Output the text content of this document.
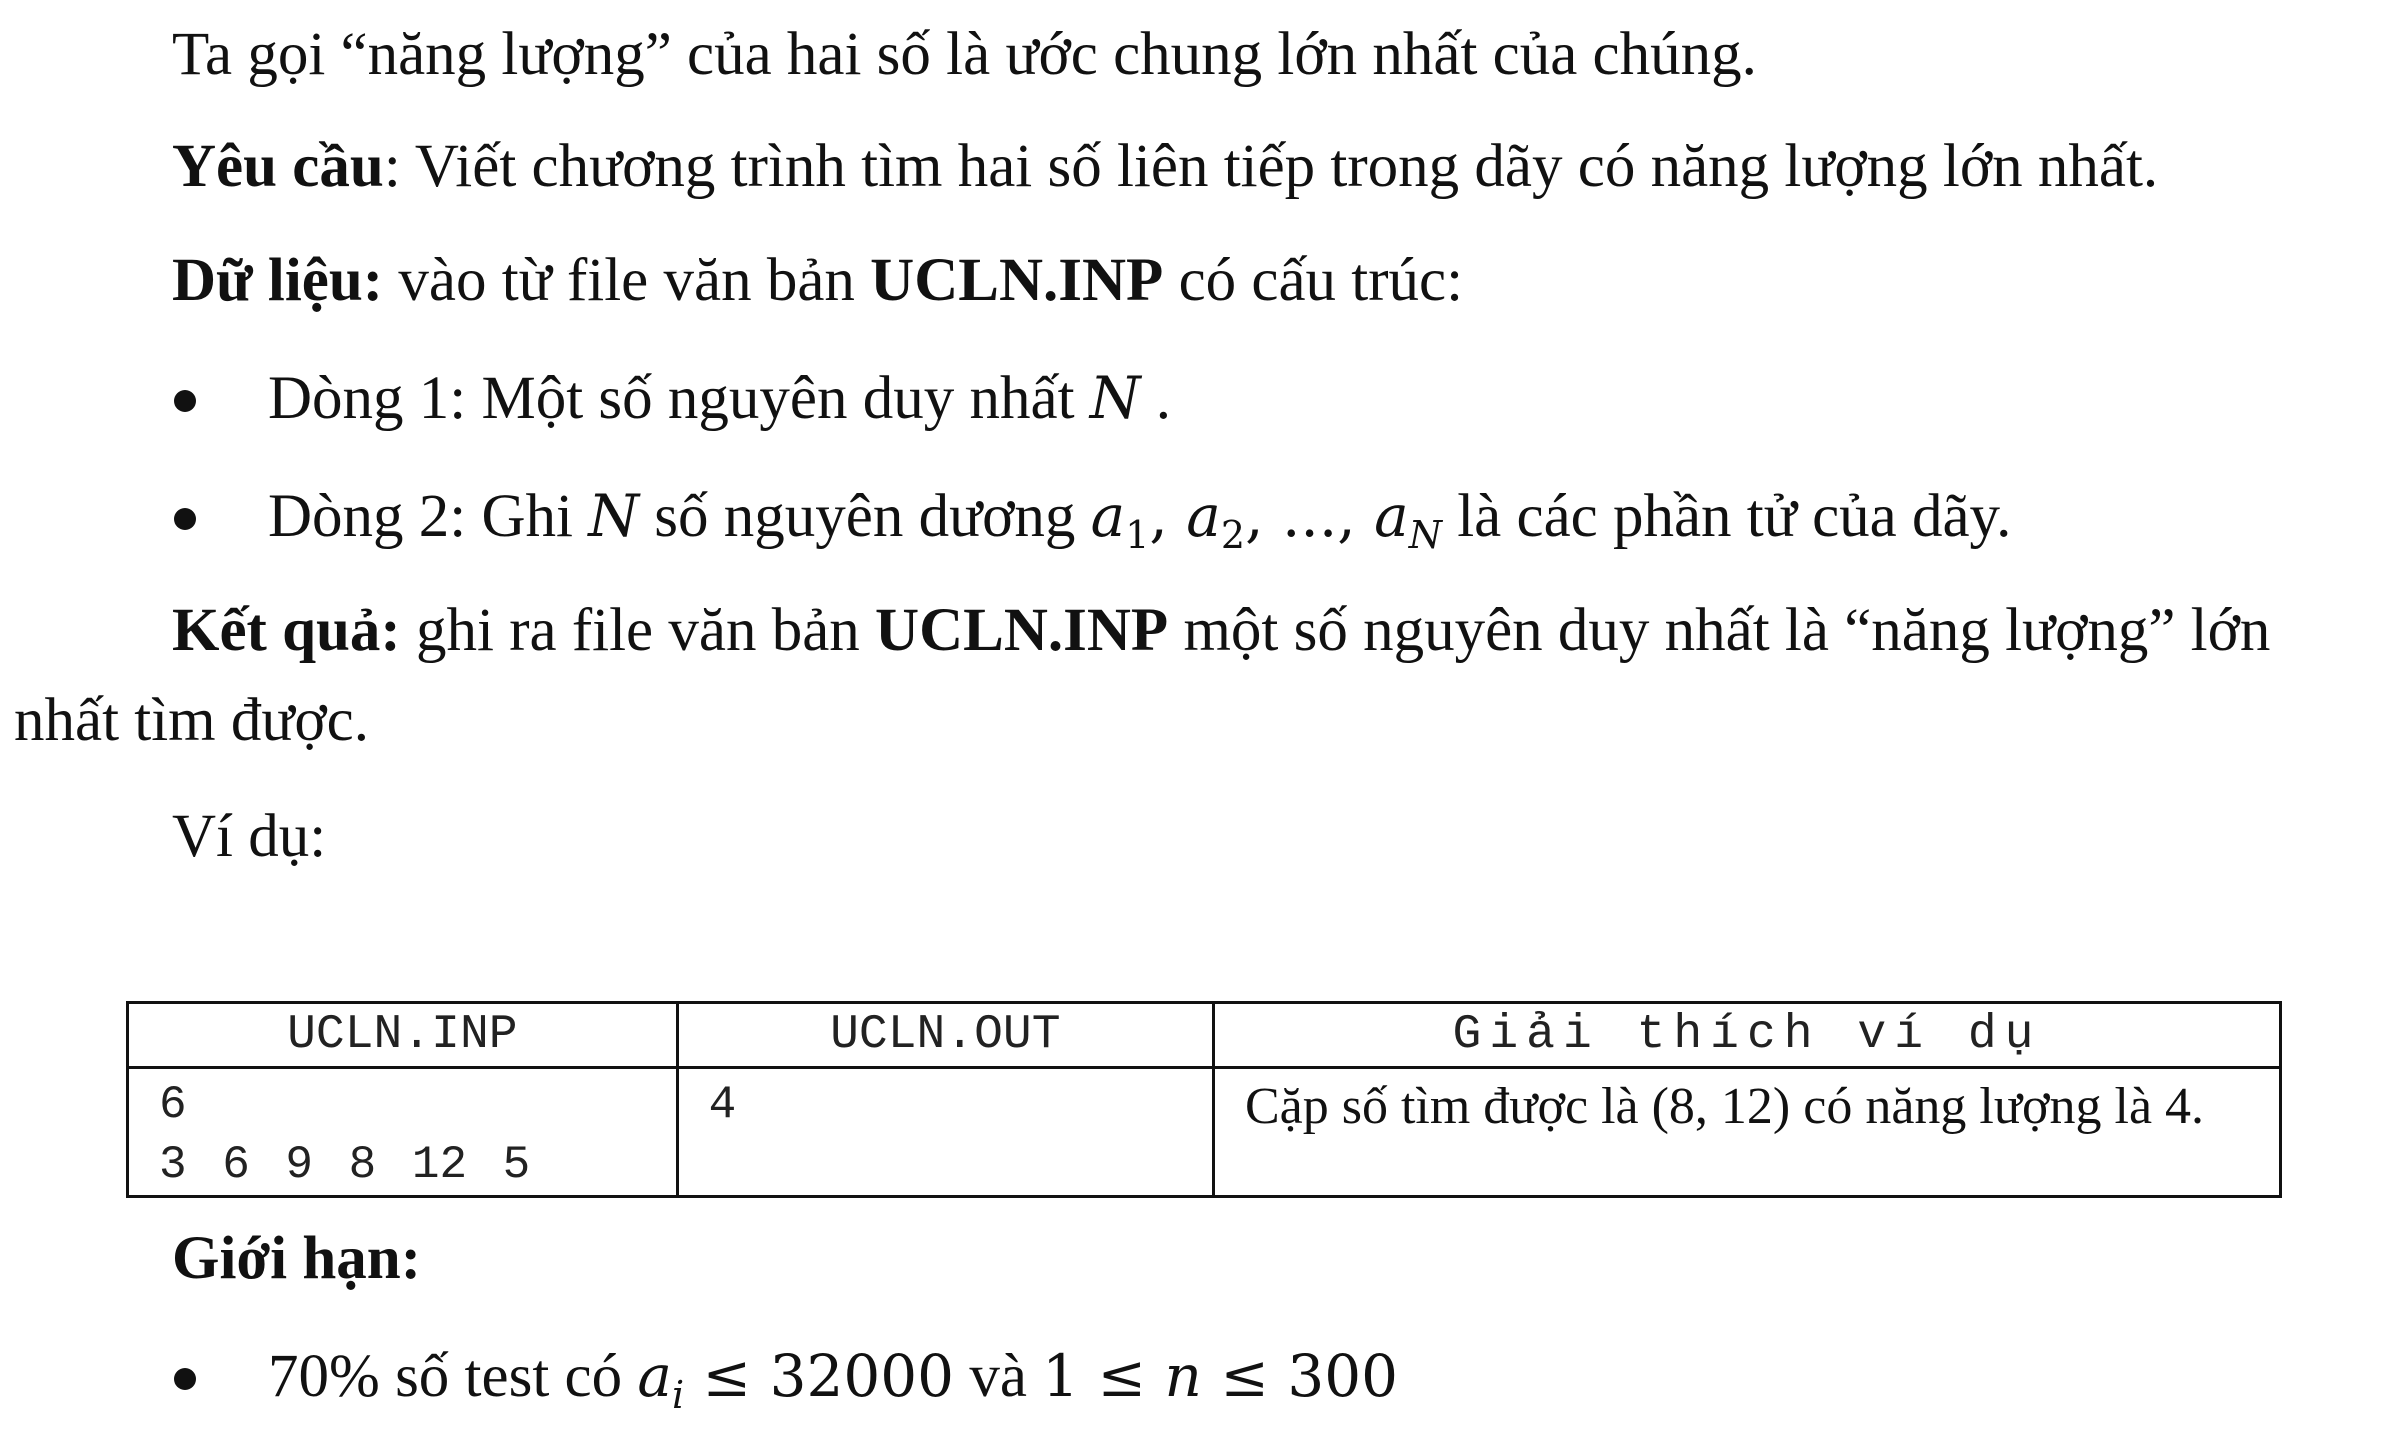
Ta gọi “năng lượng” của hai số là ước chung lớn nhất của chúng.
Yêu cầu: Viết chương trình tìm hai số liên tiếp trong dãy có năng lượng lớn nhất.
Dữ liệu: vào từ file văn bản UCLN.INP có cấu trúc:
Dòng 1: Một số nguyên duy nhất N .
Dòng 2: Ghi N số nguyên dương $a_1$, $a_2$, ..., $a_N$ là các phần tử của dãy.
Kết quả: ghi ra file văn bản UCLN.INP một số nguyên duy nhất là “năng lượng” lớn
nhất tìm được.
Ví dụ:
UCLN.INP	UCLN.OUT	Giải thích ví dụ

6
3 6 9 8 12 5	4	Cặp số tìm được là (8, 12) có năng lượng là 4.
Giới hạn:
70% số test có $a_i \le 32000$ và 1 ≤ n ≤ 300
